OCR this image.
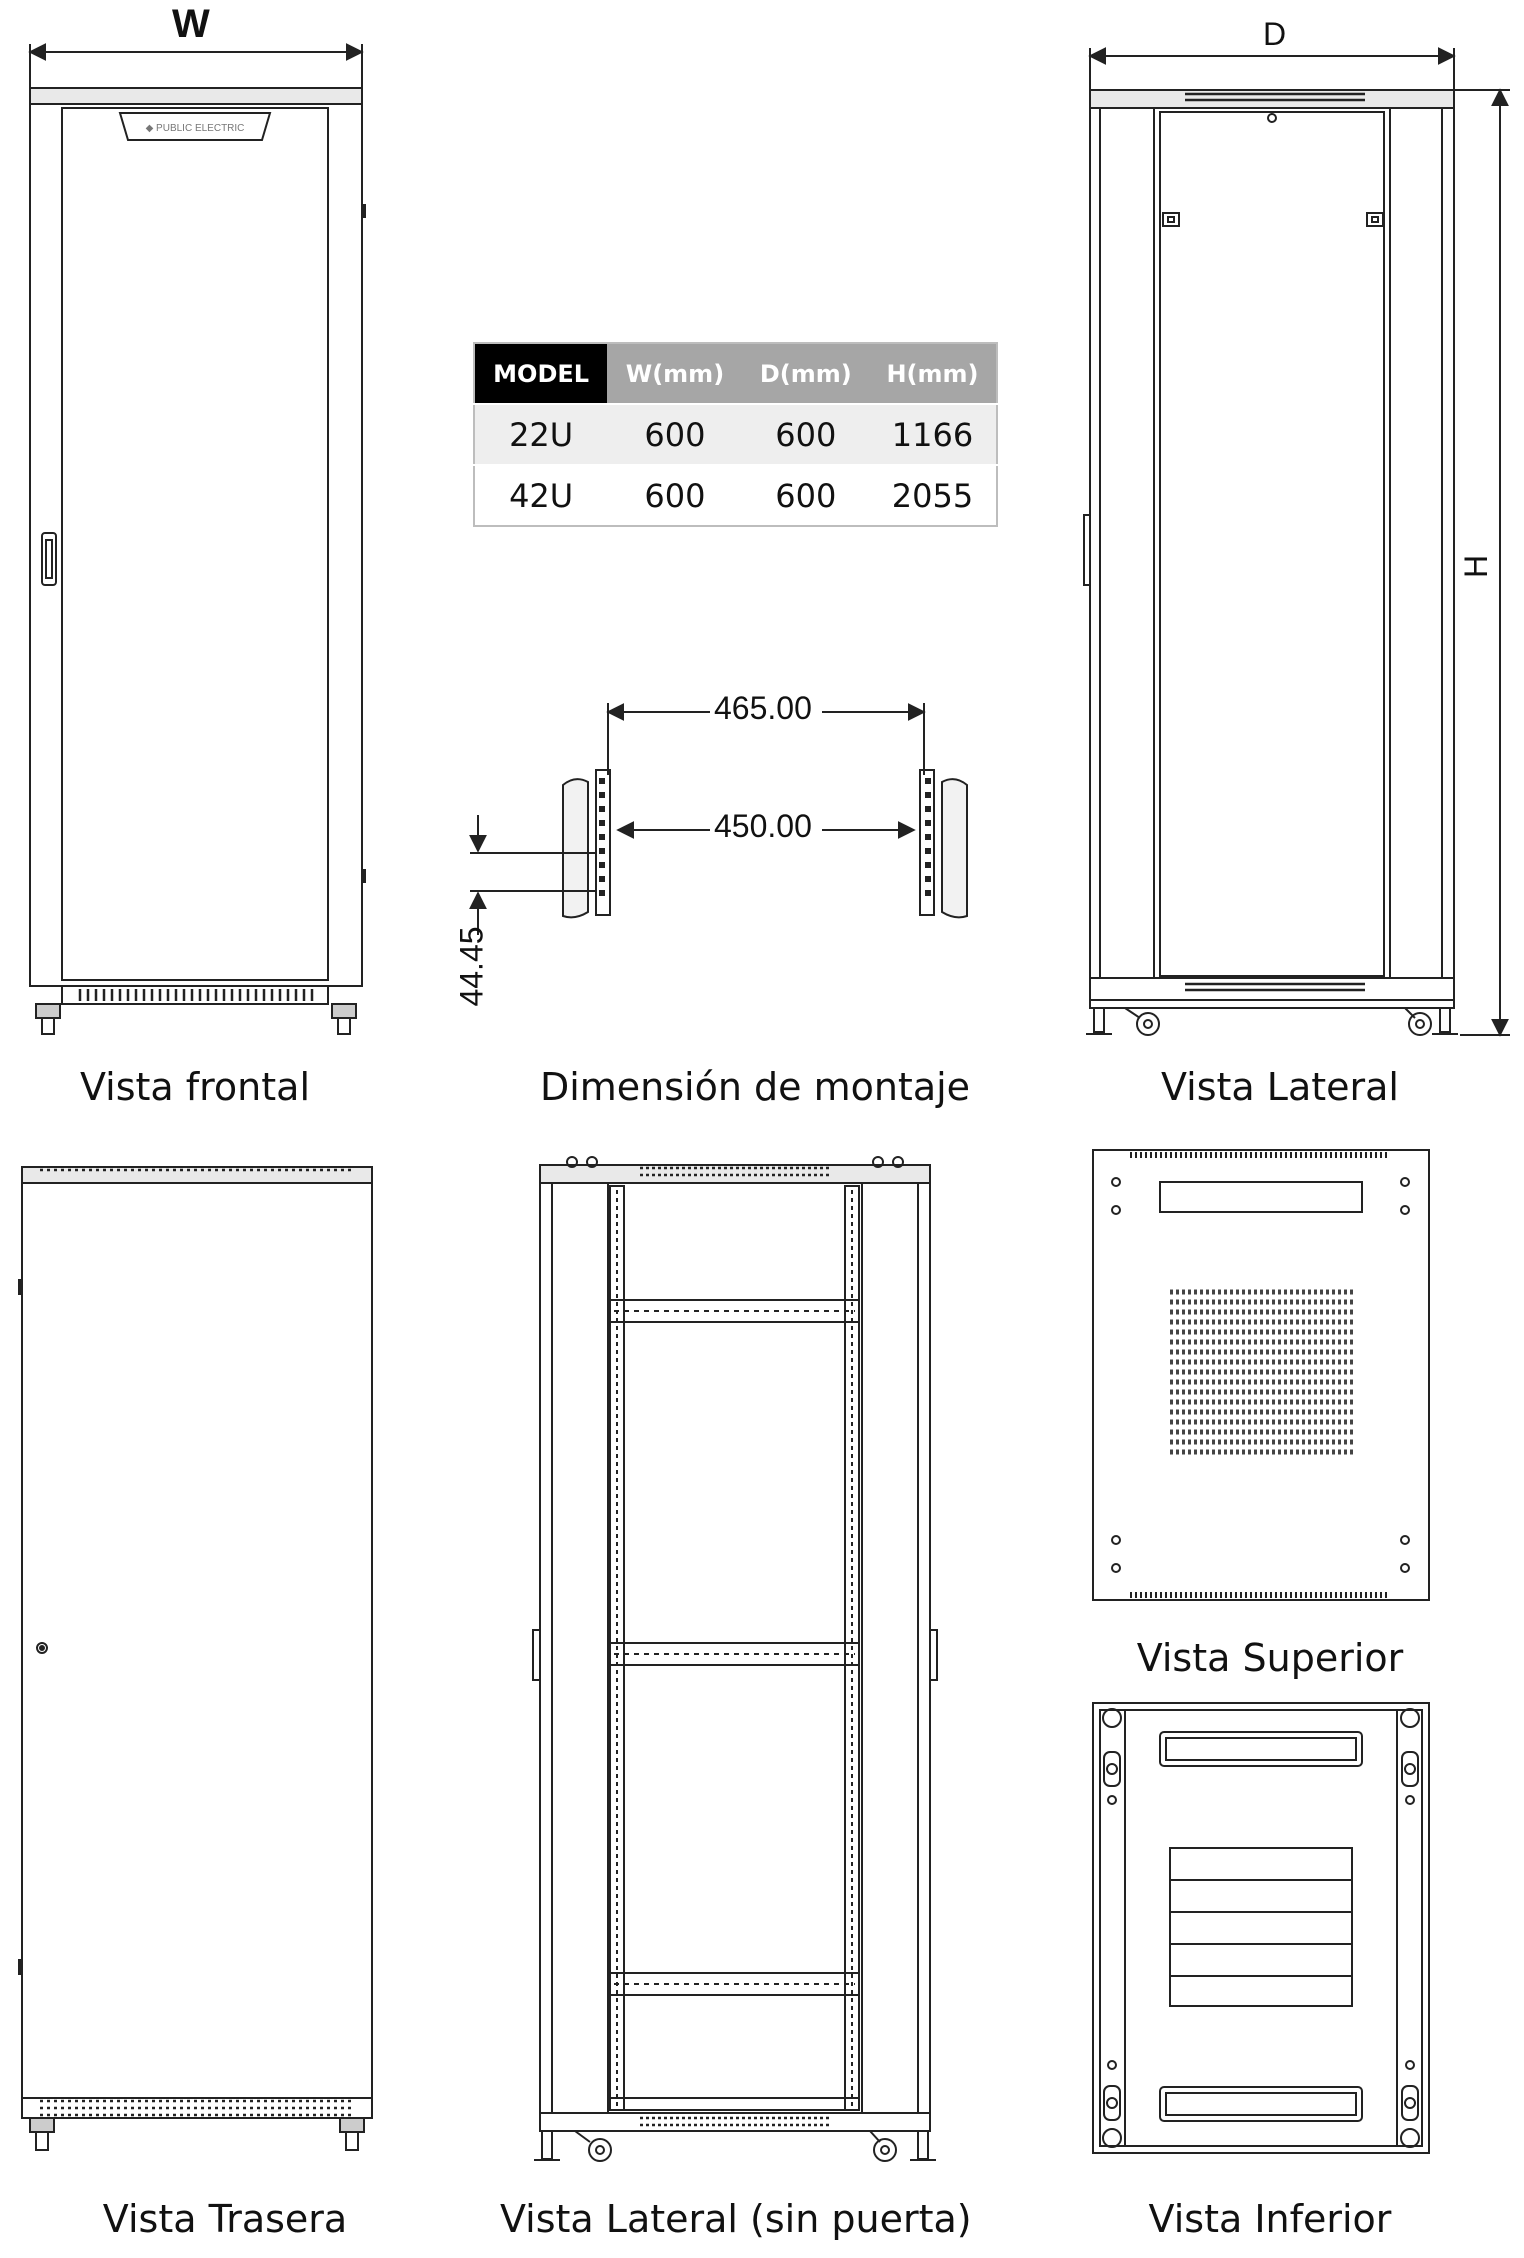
◆ PUBLIC ELECTRIC
W	D
H
465.00
450.00
44.45
MODEL	W(mm)	D(mm)	H(mm)
22U	600	600	1166
42U	600	600	2055
Vista frontal	Dimensión de montaje	Vista Lateral
Vista Trasera	Vista Lateral (sin puerta)
Vista Superior
Vista Inferior
